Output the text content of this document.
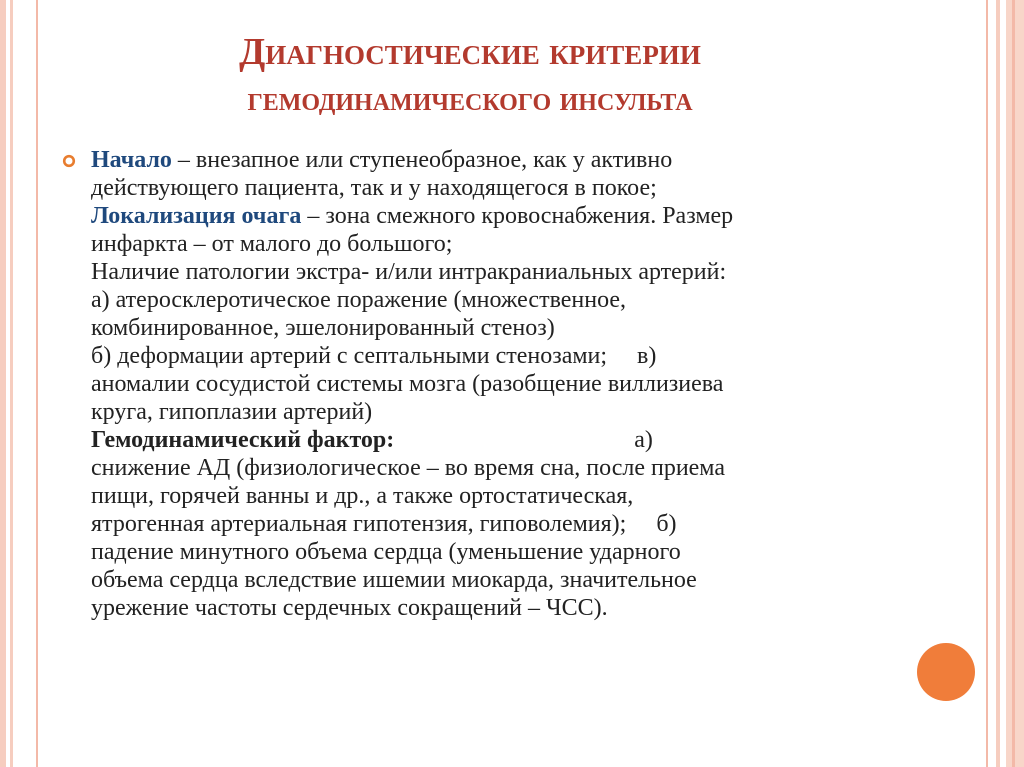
Диагностические критерии
гемодинамического инсульта
Начало – внезапное или ступенеобразное, как у активно
действующего пациента, так и у находящегося в покое;
Локализация очага – зона смежного кровоснабжения. Размер
инфаркта – от малого до большого;
Наличие патологии экстра- и/или интракраниальных артерий:
а) атеросклеротическое поражение (множественное,
комбинированное, эшелонированный стеноз)
б) деформации артерий с септальными стенозами;     в)
аномалии сосудистой системы мозга (разобщение виллизиева
круга, гипоплазии артерий)
Гемодинамический фактор:                                        а)
снижение АД (физиологическое – во время сна, после приема
пищи, горячей ванны и др., а также ортостатическая,
ятрогенная артериальная гипотензия, гиповолемия);     б)
падение минутного объема сердца (уменьшение ударного
объема сердца вследствие ишемии миокарда, значительное
урежение частоты сердечных сокращений – ЧСС).
